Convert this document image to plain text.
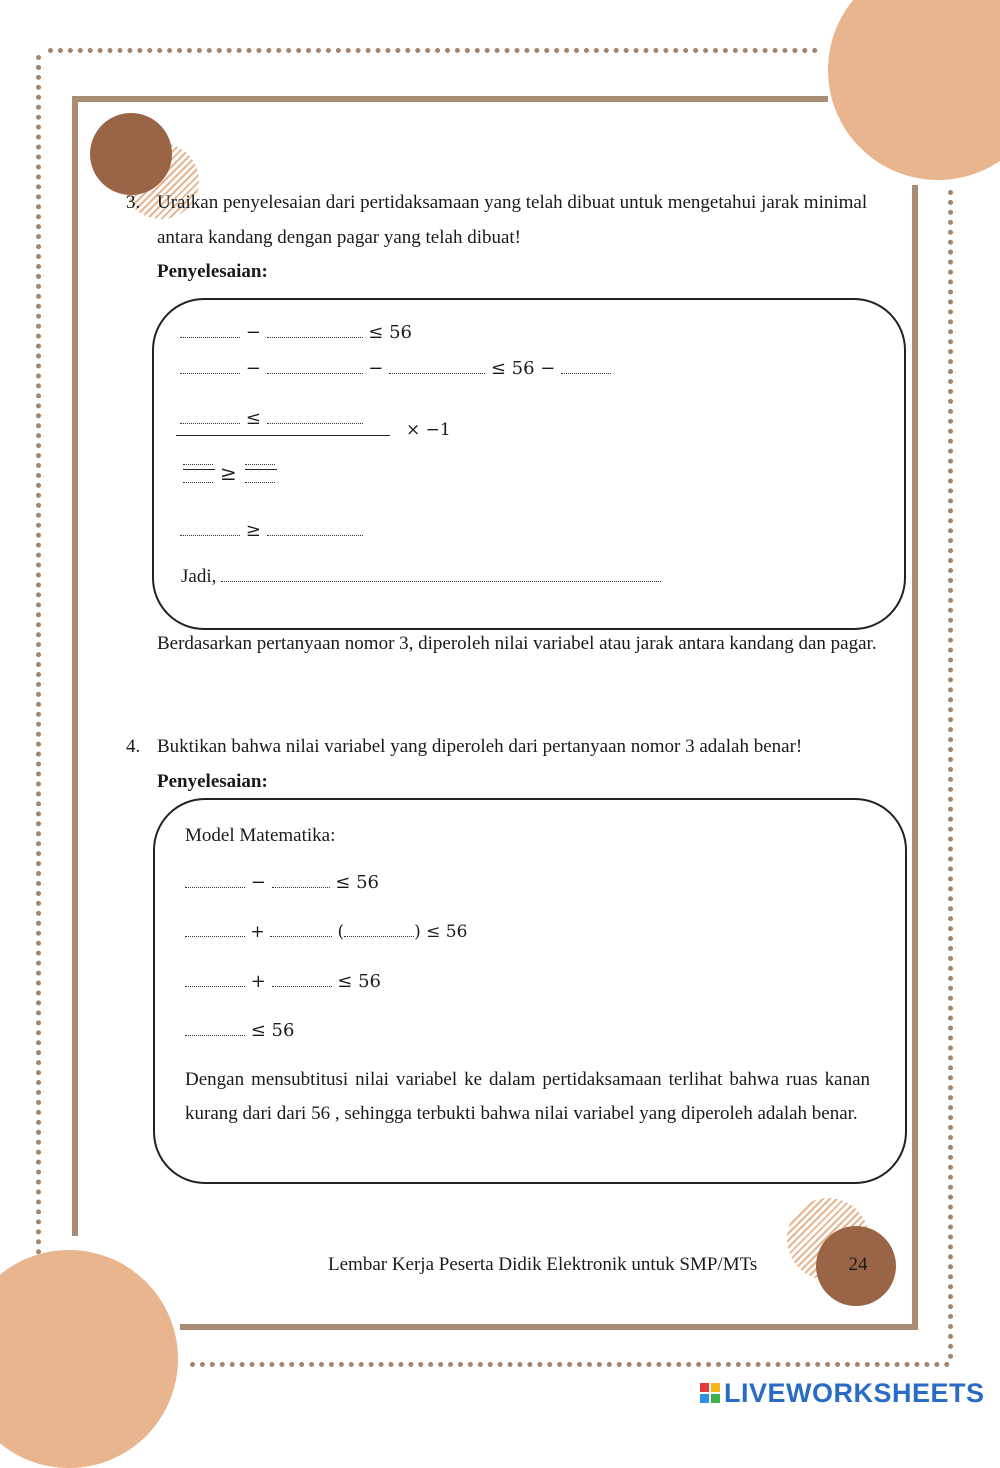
3. Uraikan penyelesaian dari pertidaksamaan yang telah dibuat untuk mengetahui jarak minimal
antara kandang dengan pagar yang telah dibuat!
Penyelesaian:
−	≤ 56
−	−	≤ 56 −
≤
× −1
≥
≥
Jadi,
Berdasarkan pertanyaan nomor 3, diperoleh nilai variabel atau jarak antara kandang dan pagar.
4. Buktikan bahwa nilai variabel yang diperoleh dari pertanyaan nomor 3 adalah benar!
Penyelesaian:
Model Matematika:
−	≤ 56
+	(	) ≤ 56
+	≤ 56
≤ 56
Dengan mensubtitusi nilai variabel ke dalam pertidaksamaan terlihat bahwa ruas kanan kurang dari dari 56 , sehingga terbukti bahwa nilai variabel yang diperoleh adalah benar.
Lembar Kerja Peserta Didik Elektronik untuk SMP/MTs	24
LIVEWORKSHEETS
